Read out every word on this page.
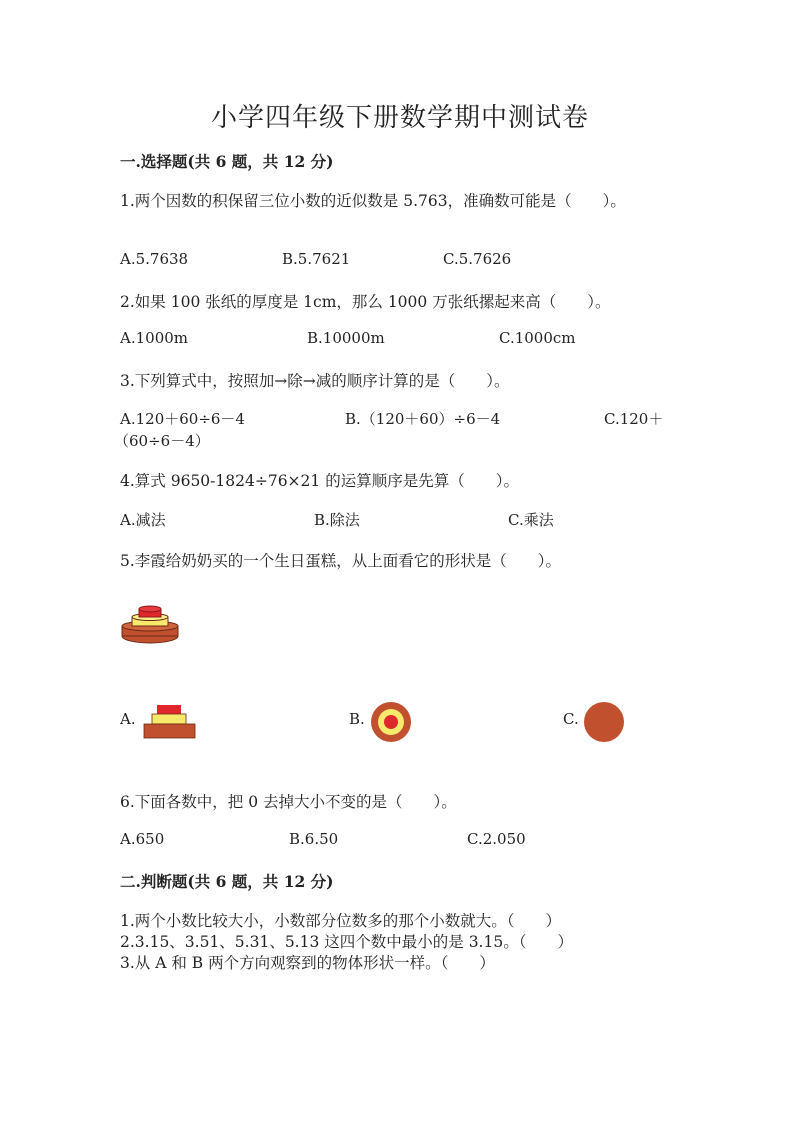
小学四年级下册数学期中测试卷
一.选择题(共 6 题，共 12 分)
1.两个因数的积保留三位小数的近似数是 5.763，准确数可能是（　　）。
A.5.7638	B.5.7621	C.5.7626
2.如果 100 张纸的厚度是 1cm，那么 1000 万张纸摞起来高（　　）。
A.1000m	B.10000m	C.1000cm
3.下列算式中，按照加→除→减的顺序计算的是（　　）。
A.120＋60÷6－4	B.（120＋60）÷6－4	C.120＋
（60÷6－4）
4.算式 9650-1824÷76×21 的运算顺序是先算（　　）。
A.减法	B.除法	C.乘法
5.李霞给奶奶买的一个生日蛋糕，从上面看它的形状是（　　）。
A.	B.	C.
6.下面各数中，把 0 去掉大小不变的是（　　）。
A.650	B.6.50	C.2.050
二.判断题(共 6 题，共 12 分)
1.两个小数比较大小，小数部分位数多的那个小数就大。（　　）
2.3.15、3.51、5.31、5.13 这四个数中最小的是 3.15。（　　）
3.从 A 和 B 两个方向观察到的物体形状一样。（　　）
